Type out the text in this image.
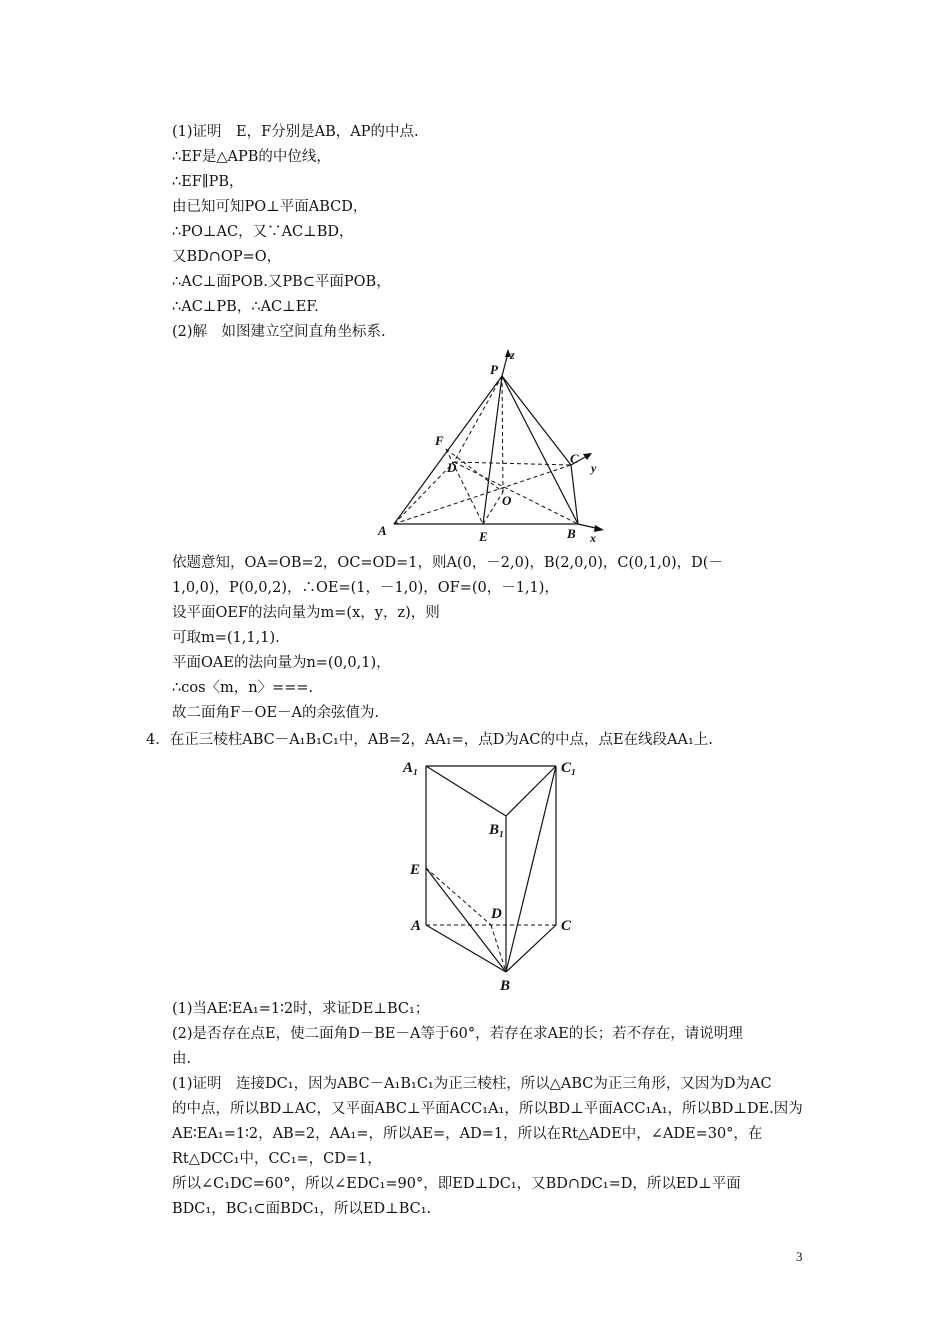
(1)证明　E，F分别是AB，AP的中点.
∴EF是△APB的中位线，
∴EF∥PB，
由已知可知PO⊥平面ABCD，
∴PO⊥AC，又∵AC⊥BD，
又BD∩OP=O，
∴AC⊥面POB.又PB⊂平面POB，
∴AC⊥PB，∴AC⊥EF.
(2)解　如图建立空间直角坐标系.
P
z
F
C
y
D
O
A	E	B x
依题意知，OA=OB=2，OC=OD=1，则A(0，－2,0)，B(2,0,0)，C(0,1,0)，D(－
1,0,0)，P(0,0,2)，∴OE=(1，－1,0)，OF=(0，－1,1)，
设平面OEF的法向量为m=(x，y，z)，则
可取m=(1,1,1).
平面OAE的法向量为n=(0,0,1)，
∴cos〈m，n〉===.
故二面角F－OE－A的余弦值为.
4．在正三棱柱ABC－A₁B₁C₁中，AB=2，AA₁=，点D为AC的中点，点E在线段AA₁上.
A₁	C₁
B₁
E
D
A	C
B
(1)当AE∶EA₁=1∶2时，求证DE⊥BC₁；
(2)是否存在点E，使二面角D－BE－A等于60°，若存在求AE的长；若不存在，请说明理
由.
(1)证明　连接DC₁，因为ABC－A₁B₁C₁为正三棱柱，所以△ABC为正三角形，又因为D为AC
的中点，所以BD⊥AC，又平面ABC⊥平面ACC₁A₁，所以BD⊥平面ACC₁A₁，所以BD⊥DE.因为
AE∶EA₁=1∶2，AB=2，AA₁=，所以AE=，AD=1，所以在Rt△ADE中，∠ADE=30°，在
Rt△DCC₁中，CC₁=，CD=1，
所以∠C₁DC=60°，所以∠EDC₁=90°，即ED⊥DC₁，又BD∩DC₁=D，所以ED⊥平面
BDC₁，BC₁⊂面BDC₁，所以ED⊥BC₁.
3
